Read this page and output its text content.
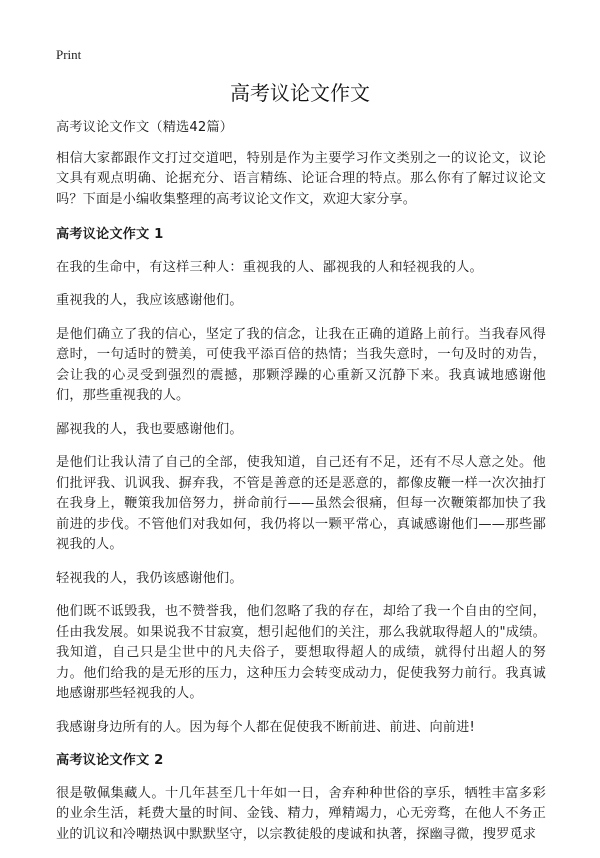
Print
高考议论文作文

高考议论文作文（精选42篇）

相信大家都跟作文打过交道吧，特别是作为主要学习作文类别之一的议论文，议论文具有观点明确、论据充分、语言精练、论证合理的特点。那么你有了解过议论文吗？下面是小编收集整理的高考议论文作文，欢迎大家分享。

高考议论文作文 1

在我的生命中，有这样三种人：重视我的人、鄙视我的人和轻视我的人。

重视我的人，我应该感谢他们。

是他们确立了我的信心，坚定了我的信念，让我在正确的道路上前行。当我春风得意时，一句适时的赞美，可使我平添百倍的热情；当我失意时，一句及时的劝告，会让我的心灵受到强烈的震撼，那颗浮躁的心重新又沉静下来。我真诚地感谢他们，那些重视我的人。

鄙视我的人，我也要感谢他们。

是他们让我认清了自己的全部，使我知道，自己还有不足，还有不尽人意之处。他们批评我、讥讽我、摒弃我，不管是善意的还是恶意的，都像皮鞭一样一次次抽打在我身上，鞭策我加倍努力，拼命前行——虽然会很痛，但每一次鞭策都加快了我前进的步伐。不管他们对我如何，我仍将以一颗平常心，真诚感谢他们——那些鄙视我的人。

轻视我的人，我仍该感谢他们。

他们既不诋毁我，也不赞誉我，他们忽略了我的存在，却给了我一个自由的空间，任由我发展。如果说我不甘寂寞，想引起他们的关注，那么我就取得超人的"成绩。我知道，自己只是尘世中的凡夫俗子，要想取得超人的成绩，就得付出超人的努力。他们给我的是无形的压力，这种压力会转变成动力，促使我努力前行。我真诚地感谢那些轻视我的人。

我感谢身边所有的人。因为每个人都在促使我不断前进、前进、向前进!

高考议论文作文 2

很是敬佩集藏人。十几年甚至几十年如一日，舍弃种种世俗的享乐，牺牲丰富多彩的业余生活，耗费大量的时间、金钱、精力，殚精竭力，心无旁骛，在他人不务正业的讥议和冷嘲热讽中默默坚守，以宗教徒般的虔诚和执著，探幽寻微，搜罗觅求
